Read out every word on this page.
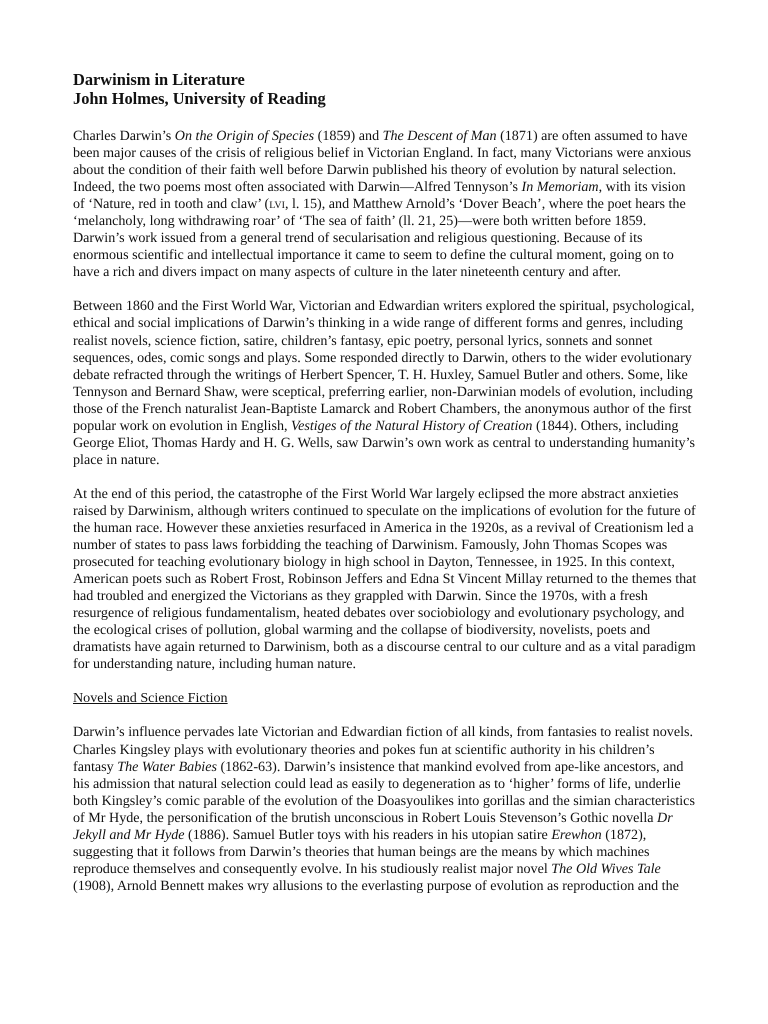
Darwinism in Literature

John Holmes, University of Reading

Charles Darwin’s On the Origin of Species (1859) and The Descent of Man (1871) are often assumed to have been major causes of the crisis of religious belief in Victorian England. In fact, many Victorians were anxious about the condition of their faith well before Darwin published his theory of evolution by natural selection. Indeed, the two poems most often associated with Darwin—Alfred Tennyson’s In Memoriam, with its vision of ‘Nature, red in tooth and claw’ (lvi, l. 15), and Matthew Arnold’s ‘Dover Beach’, where the poet hears the ‘melancholy, long withdrawing roar’ of ‘The sea of faith’ (ll. 21, 25)—were both written before 1859. Darwin’s work issued from a general trend of secularisation and religious questioning. Because of its enormous scientific and intellectual importance it came to seem to define the cultural moment, going on to have a rich and divers impact on many aspects of culture in the later nineteenth century and after.

Between 1860 and the First World War, Victorian and Edwardian writers explored the spiritual, psychological, ethical and social implications of Darwin’s thinking in a wide range of different forms and genres, including realist novels, science fiction, satire, children’s fantasy, epic poetry, personal lyrics, sonnets and sonnet sequences, odes, comic songs and plays. Some responded directly to Darwin, others to the wider evolutionary debate refracted through the writings of Herbert Spencer, T. H. Huxley, Samuel Butler and others. Some, like Tennyson and Bernard Shaw, were sceptical, preferring earlier, non-Darwinian models of evolution, including those of the French naturalist Jean-Baptiste Lamarck and Robert Chambers, the anonymous author of the first popular work on evolution in English, Vestiges of the Natural History of Creation (1844). Others, including George Eliot, Thomas Hardy and H. G. Wells, saw Darwin’s own work as central to understanding humanity’s place in nature.

At the end of this period, the catastrophe of the First World War largely eclipsed the more abstract anxieties raised by Darwinism, although writers continued to speculate on the implications of evolution for the future of the human race. However these anxieties resurfaced in America in the 1920s, as a revival of Creationism led a number of states to pass laws forbidding the teaching of Darwinism. Famously, John Thomas Scopes was prosecuted for teaching evolutionary biology in high school in Dayton, Tennessee, in 1925. In this context, American poets such as Robert Frost, Robinson Jeffers and Edna St Vincent Millay returned to the themes that had troubled and energized the Victorians as they grappled with Darwin. Since the 1970s, with a fresh resurgence of religious fundamentalism, heated debates over sociobiology and evolutionary psychology, and the ecological crises of pollution, global warming and the collapse of biodiversity, novelists, poets and dramatists have again returned to Darwinism, both as a discourse central to our culture and as a vital paradigm for understanding nature, including human nature.

Novels and Science Fiction

Darwin’s influence pervades late Victorian and Edwardian fiction of all kinds, from fantasies to realist novels. Charles Kingsley plays with evolutionary theories and pokes fun at scientific authority in his children’s fantasy The Water Babies (1862-63). Darwin’s insistence that mankind evolved from ape-like ancestors, and his admission that natural selection could lead as easily to degeneration as to ‘higher’ forms of life, underlie both Kingsley’s comic parable of the evolution of the Doasyoulikes into gorillas and the simian characteristics of Mr Hyde, the personification of the brutish unconscious in Robert Louis Stevenson’s Gothic novella Dr Jekyll and Mr Hyde (1886). Samuel Butler toys with his readers in his utopian satire Erewhon (1872), suggesting that it follows from Darwin’s theories that human beings are the means by which machines reproduce themselves and consequently evolve. In his studiously realist major novel The Old Wives Tale (1908), Arnold Bennett makes wry allusions to the everlasting purpose of evolution as reproduction and the
